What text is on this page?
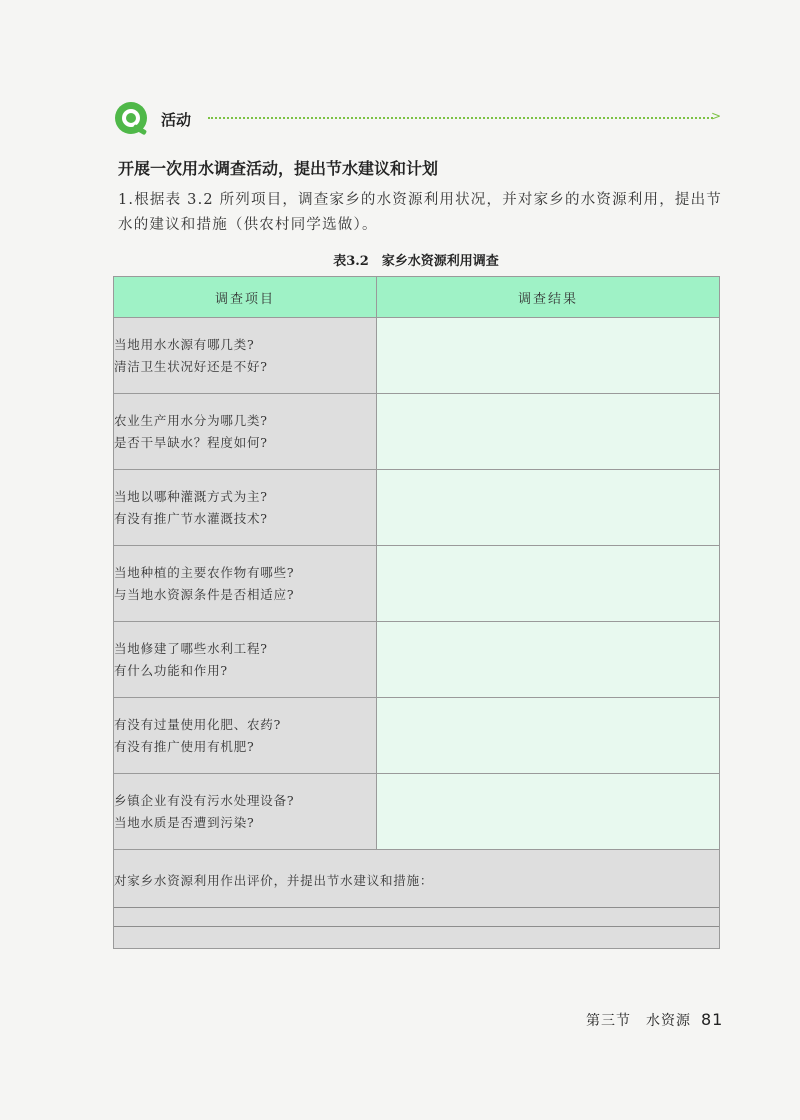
活动	>
开展一次用水调查活动，提出节水建议和计划
1.根据表 3.2 所列项目，调查家乡的水资源利用状况，并对家乡的水资源利用，提出节水的建议和措施（供农村同学选做）。
表3.2　家乡水资源利用调查
调查项目	调查结果

当地用水水源有哪几类?
清洁卫生状况好还是不好?	

农业生产用水分为哪几类?
是否干旱缺水？程度如何?	

当地以哪种灌溉方式为主?
有没有推广节水灌溉技术?	

当地种植的主要农作物有哪些?
与当地水资源条件是否相适应?	

当地修建了哪些水利工程?
有什么功能和作用?	

有没有过量使用化肥、农药?
有没有推广使用有机肥?	

乡镇企业有没有污水处理设备?
当地水质是否遭到污染?	

对家乡水资源利用作出评价，并提出节水建议和措施：	
第三节　水资源 81
